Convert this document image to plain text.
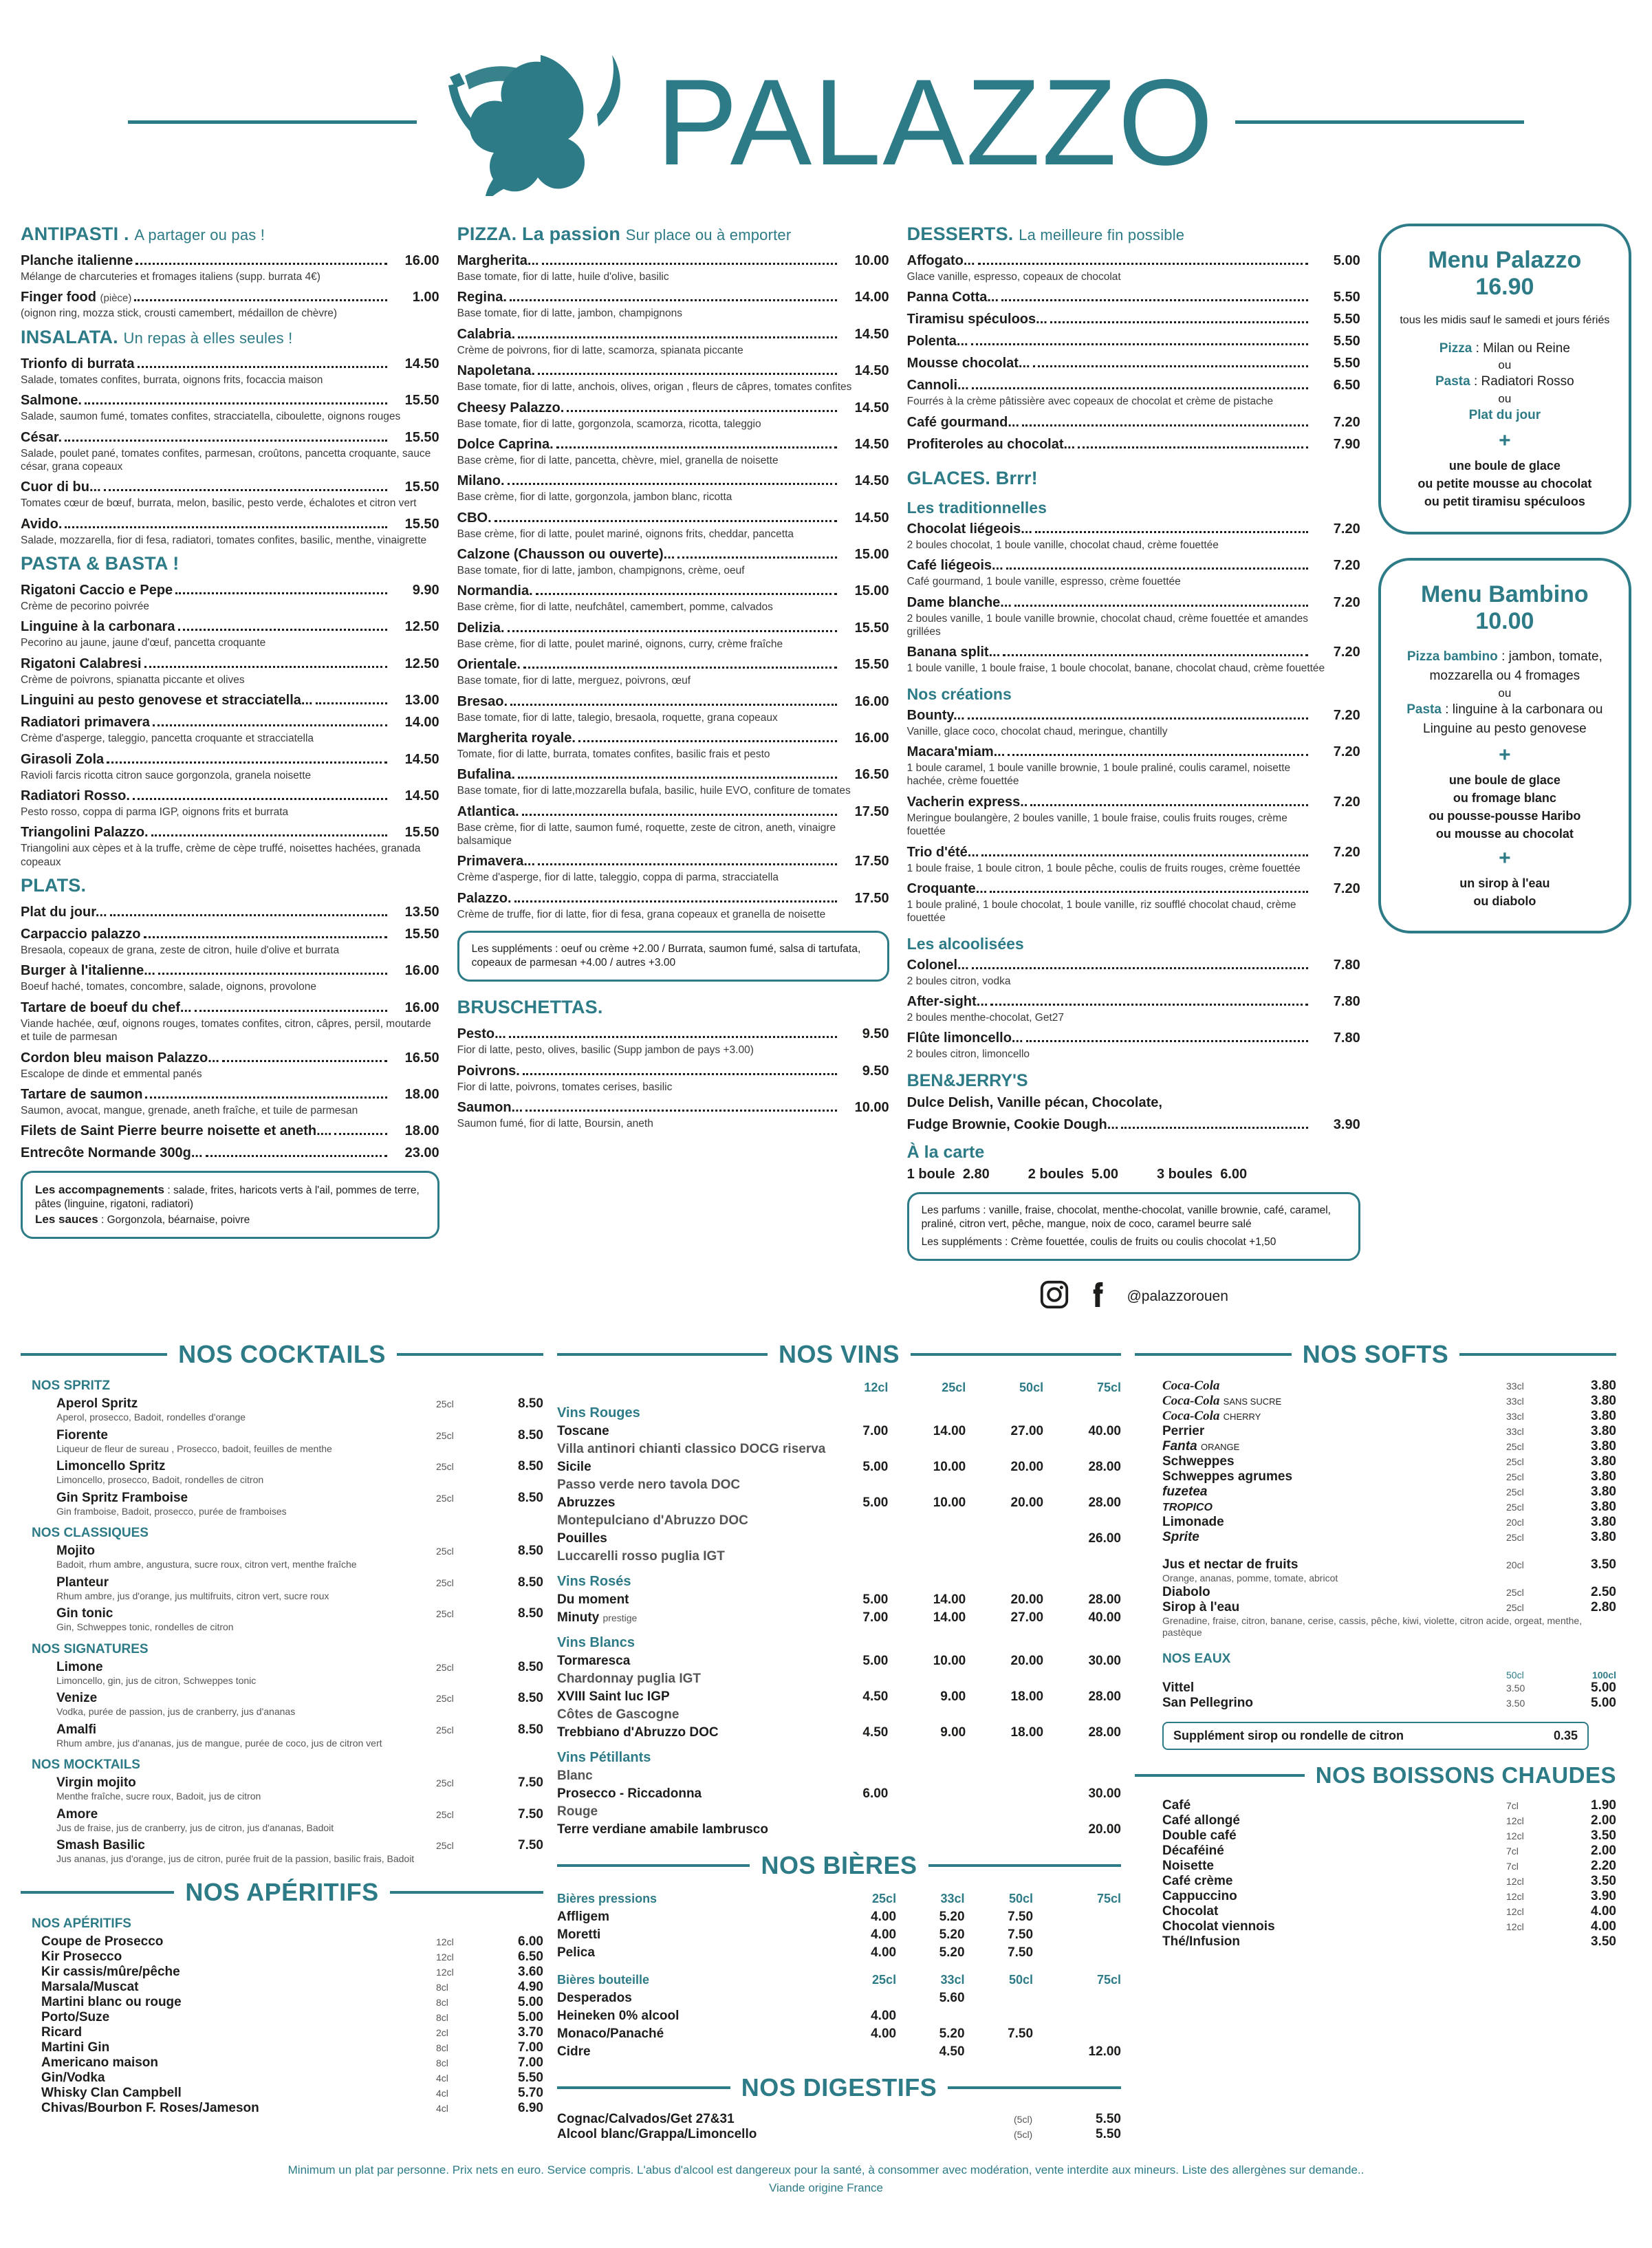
PALAZZO
ANTIPASTI . A partager ou pas !
Planche italienne	16.00
Mélange de charcuteries et fromages italiens (supp. burrata 4€)
Finger food (pièce)	1.00
(oignon ring, mozza stick, crousti camembert, médaillon de chèvre)
INSALATA. Un repas à elles seules !
Trionfo di burrata	14.50
Salade, tomates confites, burrata, oignons frits, focaccia maison
Salmone.	15.50
Salade, saumon fumé, tomates confites, stracciatella, ciboulette, oignons rouges
César.	15.50
Salade, poulet pané, tomates confites, parmesan, croûtons, pancetta croquante, sauce césar, grana copeaux
Cuor di bu...	15.50
Tomates cœur de bœuf, burrata, melon, basilic, pesto verde, échalotes et citron vert
Avido.	15.50
Salade, mozzarella, fior di fesa, radiatori, tomates confites, basilic, menthe, vinaigrette
PASTA & BASTA !
Rigatoni Caccio e Pepe	9.90
Crème de pecorino poivrée
Linguine à la carbonara	12.50
Pecorino au jaune, jaune d'œuf, pancetta croquante
Rigatoni Calabresi	12.50
Crème de poivrons, spianatta piccante et olives
Linguini au pesto genovese et stracciatella...	13.00
Radiatori primavera	14.00
Crème d'asperge, taleggio, pancetta croquante et stracciatella
Girasoli Zola	14.50
Ravioli farcis ricotta citron sauce gorgonzola, granela noisette
Radiatori Rosso.	14.50
Pesto rosso, coppa di parma IGP, oignons frits et burrata
Triangolini Palazzo.	15.50
Triangolini aux cèpes et à la truffe, crème de cèpe truffé, noisettes hachées, granada copeaux
PLATS.
Plat du jour...	13.50
Carpaccio palazzo	15.50
Bresaola, copeaux de grana, zeste de citron, huile d'olive et burrata
Burger à l'italienne...	16.00
Boeuf haché, tomates, concombre, salade, oignons, provolone
Tartare de boeuf du chef...	16.00
Viande hachée, œuf, oignons rouges, tomates confites, citron, câpres, persil, moutarde et tuile de parmesan
Cordon bleu maison Palazzo...	16.50
Escalope de dinde et emmental panés
Tartare de saumon	18.00
Saumon, avocat, mangue, grenade, aneth fraîche, et tuile de parmesan
Filets de Saint Pierre beurre noisette et aneth....	18.00
Entrecôte Normande 300g...	23.00
Les accompagnements : salade, frites, haricots verts à l'ail, pommes de terre, pâtes (linguine, rigatoni, radiatori)
Les sauces : Gorgonzola, béarnaise, poivre
PIZZA. La passion Sur place ou à emporter
Margherita...	10.00
Base tomate, fior di latte, huile d'olive, basilic
Regina.	14.00
Base tomate, fior di latte, jambon, champignons
Calabria.	14.50
Crème de poivrons, fior di latte, scamorza, spianata piccante
Napoletana.	14.50
Base tomate, fior di latte, anchois, olives, origan , fleurs de câpres, tomates confites
Cheesy Palazzo.	14.50
Base tomate, fior di latte, gorgonzola, scamorza, ricotta, taleggio
Dolce Caprina.	14.50
Base crème, fior di latte, pancetta, chèvre, miel, granella de noisette
Milano.	14.50
Base crème, fior di latte, gorgonzola, jambon blanc, ricotta
CBO.	14.50
Base crème, fior di latte, poulet mariné, oignons frits, cheddar, pancetta
Calzone (Chausson ou ouverte)...	15.00
Base tomate, fior di latte, jambon, champignons, crème, oeuf
Normandia.	15.00
Base crème, fior di latte, neufchâtel, camembert, pomme, calvados
Delizia.	15.50
Base crème, fior di latte, poulet mariné, oignons, curry, crème fraîche
Orientale.	15.50
Base tomate, fior di latte, merguez, poivrons, œuf
Bresao.	16.00
Base tomate, fior di latte, talegio, bresaola, roquette, grana copeaux
Margherita royale.	16.00
Tomate, fior di latte, burrata, tomates confites, basilic frais et pesto
Bufalina.	16.50
Base tomate, fior di latte,mozzarella bufala, basilic, huile EVO, confiture de tomates
Atlantica.	17.50
Base crème, fior di latte, saumon fumé, roquette, zeste de citron, aneth, vinaigre balsamique
Primavera...	17.50
Crème d'asperge, fior di latte, taleggio, coppa di parma, stracciatella
Palazzo.	17.50
Crème de truffe, fior di latte, fior di fesa, grana copeaux et granella de noisette
Les suppléments : oeuf ou crème +2.00 / Burrata, saumon fumé, salsa di tartufata, copeaux de parmesan +4.00 / autres +3.00
BRUSCHETTAS.
Pesto...	9.50
Fior di latte, pesto, olives, basilic (Supp jambon de pays +3.00)
Poivrons.	9.50
Fior di latte, poivrons, tomates cerises, basilic
Saumon...	10.00
Saumon fumé, fior di latte, Boursin, aneth
DESSERTS. La meilleure fin possible
Affogato...	5.00
Glace vanille, espresso, copeaux de chocolat
Panna Cotta...	5.50
Tiramisu spéculoos...	5.50
Polenta...	5.50
Mousse chocolat...	5.50
Cannoli...	6.50
Fourrés à la crème pâtissière avec copeaux de chocolat et crème de pistache
Café gourmand...	7.20
Profiteroles au chocolat...	7.90
GLACES. Brrr!
Les traditionnelles
Chocolat liégeois...	7.20
2 boules chocolat, 1 boule vanille, chocolat chaud, crème fouettée
Café liégeois...	7.20
Café gourmand, 1 boule vanille, espresso, crème fouettée
Dame blanche...	7.20
2 boules vanille, 1 boule vanille brownie, chocolat chaud, crème fouettée et amandes grillées
Banana split...	7.20
1 boule vanille, 1 boule fraise, 1 boule chocolat, banane, chocolat chaud, crème fouettée
Nos créations
Bounty...	7.20
Vanille, glace coco, chocolat chaud, meringue, chantilly
Macara'miam...	7.20
1 boule caramel, 1 boule vanille brownie, 1 boule praliné, coulis caramel, noisette hachée, crème fouettée
Vacherin express..	7.20
Meringue boulangère, 2 boules vanille, 1 boule fraise, coulis fruits rouges, crème fouettée
Trio d'été...	7.20
1 boule fraise, 1 boule citron, 1 boule pêche, coulis de fruits rouges, crème fouettée
Croquante...	7.20
1 boule praliné, 1 boule chocolat, 1 boule vanille, riz soufflé chocolat chaud, crème fouettée
Les alcoolisées
Colonel...	7.80
2 boules citron, vodka
After-sight...	7.80
2 boules menthe-chocolat, Get27
Flûte limoncello...	7.80
2 boules citron, limoncello
BEN&JERRY'S
Dulce Delish, Vanille pécan, Chocolate,
Fudge Brownie, Cookie Dough...	3.90
À la carte
1 boule 2.80	2 boules 5.00	3 boules 6.00
Les parfums : vanille, fraise, chocolat, menthe-chocolat, vanille brownie, café, caramel, praliné, citron vert, pêche, mangue, noix de coco, caramel beurre salé
Les suppléments : Crème fouettée, coulis de fruits ou coulis chocolat +1,50
@palazzorouen
Menu Palazzo
16.90
tous les midis sauf le samedi et jours fériés
Pizza : Milan ou Reine
ou
Pasta : Radiatori Rosso
ou
Plat du jour
+
une boule de glace
ou petite mousse au chocolat
ou petit tiramisu spéculoos
Menu Bambino
10.00
Pizza bambino : jambon, tomate, mozzarella ou 4 fromages
ou
Pasta : linguine à la carbonara ou Linguine au pesto genovese
+
une boule de glace
ou fromage blanc
ou pousse-pousse Haribo
ou mousse au chocolat
+
un sirop à l'eau
ou diabolo
NOS COCKTAILS
NOS SPRITZ
Aperol Spritz	25cl	8.50
Aperol, prosecco, Badoit, rondelles d'orange
Fiorente	25cl	8.50
Liqueur de fleur de sureau , Prosecco, badoit, feuilles de menthe
Limoncello Spritz	25cl	8.50
Limoncello, prosecco, Badoit, rondelles de citron
Gin Spritz Framboise	25cl	8.50
Gin framboise, Badoit, prosecco, purée de framboises
NOS CLASSIQUES
Mojito	25cl	8.50
Badoit, rhum ambre, angustura, sucre roux, citron vert, menthe fraîche
Planteur	25cl	8.50
Rhum ambre, jus d'orange, jus multifruits, citron vert, sucre roux
Gin tonic	25cl	8.50
Gin, Schweppes tonic, rondelles de citron
NOS SIGNATURES
Limone	25cl	8.50
Limoncello, gin, jus de citron, Schweppes tonic
Venize	25cl	8.50
Vodka, purée de passion, jus de cranberry, jus d'ananas
Amalfi	25cl	8.50
Rhum ambre, jus d'ananas, jus de mangue, purée de coco, jus de citron vert
NOS MOCKTAILS
Virgin mojito	25cl	7.50
Menthe fraîche, sucre roux, Badoit, jus de citron
Amore	25cl	7.50
Jus de fraise, jus de cranberry, jus de citron, jus d'ananas, Badoit
Smash Basilic	25cl	7.50
Jus ananas, jus d'orange, jus de citron, purée fruit de la passion, basilic frais, Badoit
NOS APÉRITIFS
NOS APÉRITIFS
Coupe de Prosecco	12cl	6.00
Kir Prosecco	12cl	6.50
Kir cassis/mûre/pêche	12cl	3.60
Marsala/Muscat	8cl	4.90
Martini blanc ou rouge	8cl	5.00
Porto/Suze	8cl	5.00
Ricard	2cl	3.70
Martini Gin	8cl	7.00
Americano maison	8cl	7.00
Gin/Vodka	4cl	5.50
Whisky Clan Campbell	4cl	5.70
Chivas/Bourbon F. Roses/Jameson	4cl	6.90
NOS VINS
	12cl	25cl	50cl	75cl
Vins Rouges				
Toscane	7.00	14.00	27.00	40.00
Villa antinori chianti classico DOCG riserva				
Sicile	5.00	10.00	20.00	28.00
Passo verde nero tavola DOC				
Abruzzes	5.00	10.00	20.00	28.00
Montepulciano d'Abruzzo DOC				
Pouilles				26.00
Luccarelli rosso puglia IGT				
Vins Rosés				
Du moment	5.00	14.00	20.00	28.00
Minuty prestige	7.00	14.00	27.00	40.00
Vins Blancs				
Tormaresca	5.00	10.00	20.00	30.00
Chardonnay puglia IGT				
XVIII Saint luc IGP	4.50	9.00	18.00	28.00
Côtes de Gascogne				
Trebbiano d'Abruzzo DOC	4.50	9.00	18.00	28.00
Vins Pétillants				
Blanc				
Prosecco - Riccadonna	6.00			30.00
Rouge				
Terre verdiane amabile lambrusco				20.00
NOS BIÈRES
Bières pressions	25cl	33cl	50cl	75cl
Affligem	4.00	5.20	7.50	
Moretti	4.00	5.20	7.50	
Pelica	4.00	5.20	7.50	
Bières bouteille	25cl	33cl	50cl	75cl
Desperados		5.60		
Heineken 0% alcool	4.00			
Monaco/Panaché	4.00	5.20	7.50	
Cidre		4.50		12.00
NOS DIGESTIFS
Cognac/Calvados/Get 27&31	(5cl)	5.50
Alcool blanc/Grappa/Limoncello	(5cl)	5.50
NOS SOFTS
Coca-Cola	33cl	3.80
Coca-Cola SANS SUCRE	33cl	3.80
Coca-Cola CHERRY	33cl	3.80
Perrier	33cl	3.80
Fanta ORANGE	25cl	3.80
Schweppes	25cl	3.80
Schweppes agrumes	25cl	3.80
fuzetea	25cl	3.80
TROPICO	25cl	3.80
Limonade	20cl	3.80
Sprite	25cl	3.80
Jus et nectar de fruits	20cl	3.50
Orange, ananas, pomme, tomate, abricot
Diabolo	25cl	2.50
Sirop à l'eau	25cl	2.80
Grenadine, fraise, citron, banane, cerise, cassis, pêche, kiwi, violette, citron acide, orgeat, menthe, pastèque
NOS EAUX
50cl	100cl
Vittel	3.50	5.00
San Pellegrino	3.50	5.00
Supplément sirop ou rondelle de citron	0.35
NOS BOISSONS CHAUDES
Café	7cl	1.90
Café allongé	12cl	2.00
Double café	12cl	3.50
Décaféiné	7cl	2.00
Noisette	7cl	2.20
Café crème	12cl	3.50
Cappuccino	12cl	3.90
Chocolat	12cl	4.00
Chocolat viennois	12cl	4.00
Thé/Infusion	3.50
Minimum un plat par personne. Prix nets en euro. Service compris. L'abus d'alcool est dangereux pour la santé, à consommer avec modération, vente interdite aux mineurs. Liste des allergènes sur demande..
Viande origine France
